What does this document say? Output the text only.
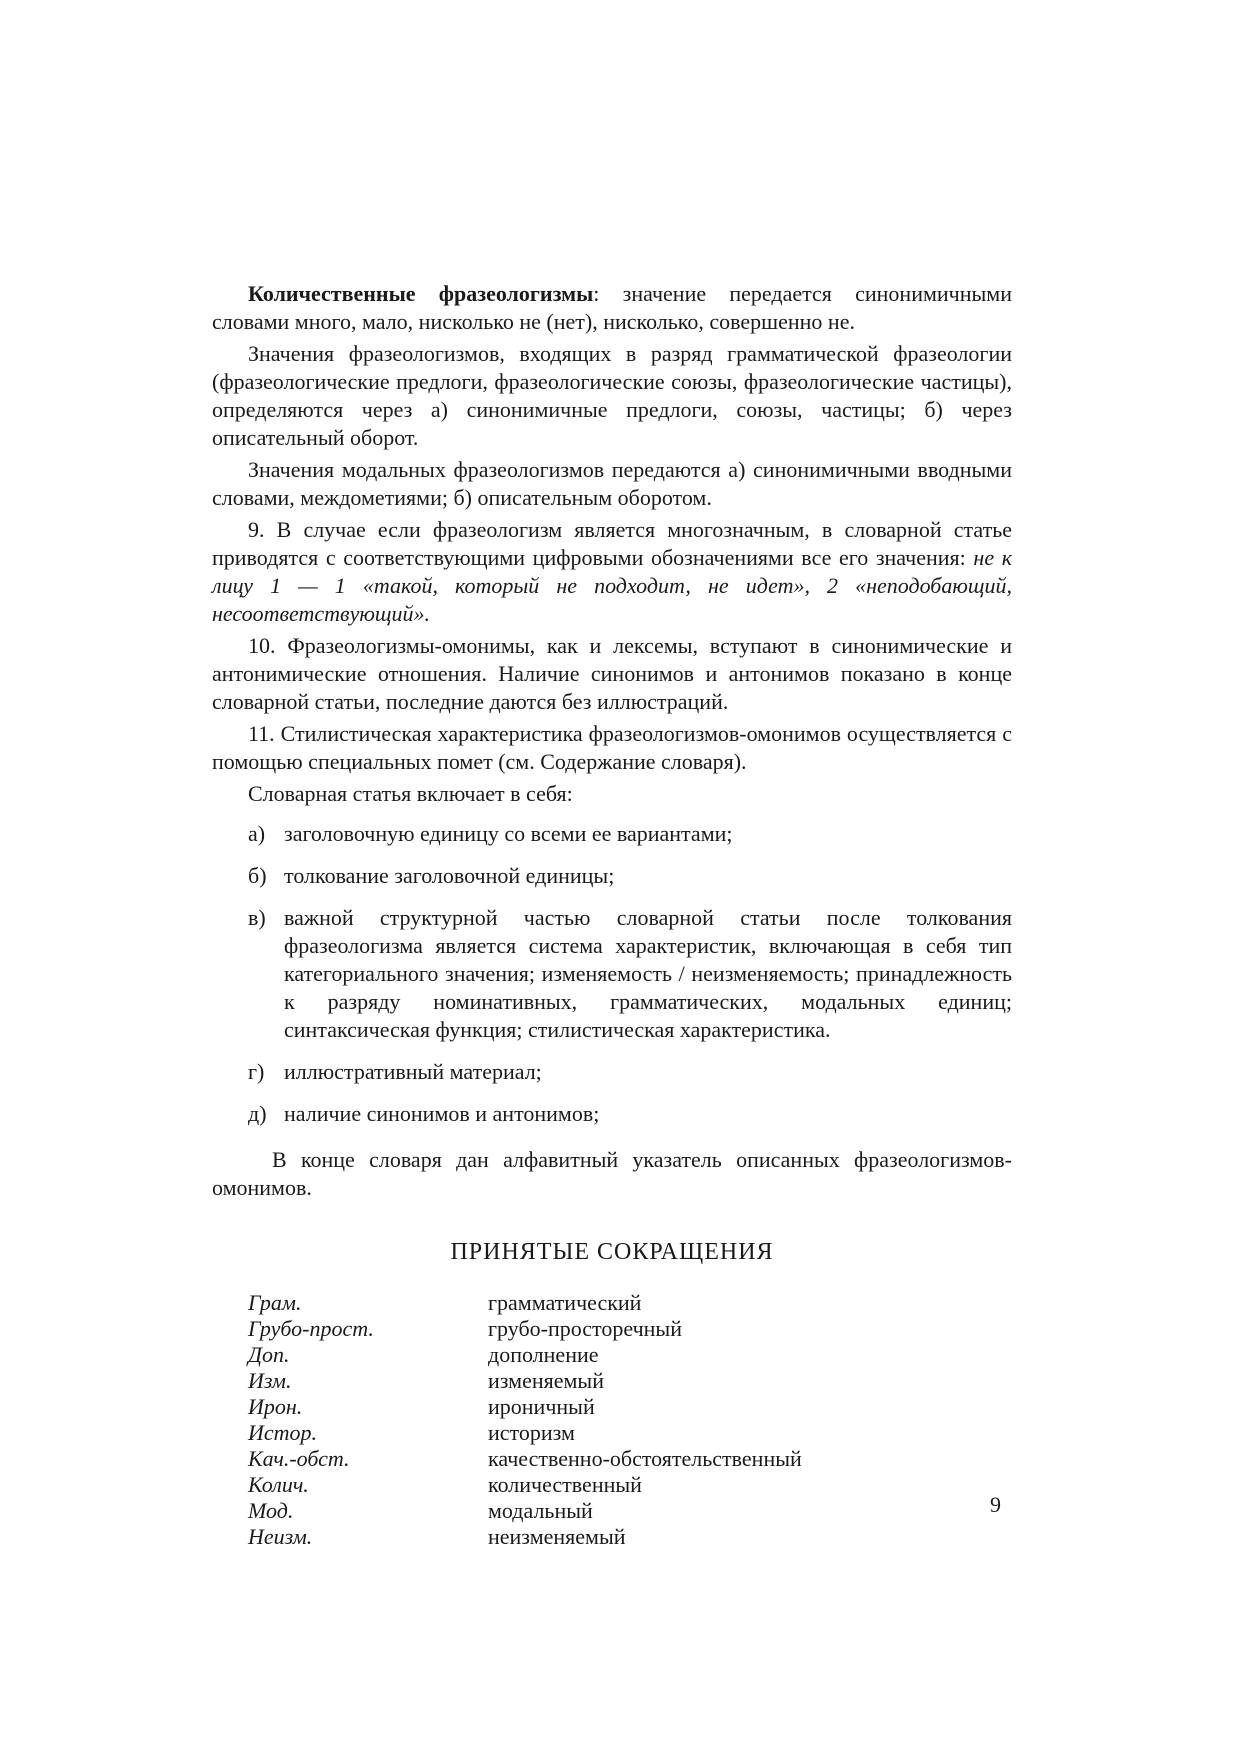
Количественные фразеологизмы: значение передается синонимичными словами много, мало, нисколько не (нет), нисколько, совершенно не.

Значения фразеологизмов, входящих в разряд грамматической фразеологии (фразеологические предлоги, фразеологические союзы, фразеологические частицы), определяются через а) синонимичные предлоги, союзы, частицы; б) через описательный оборот.

Значения модальных фразеологизмов передаются а) синонимичными вводными словами, междометиями; б) описательным оборотом.

9. В случае если фразеологизм является многозначным, в словарной статье приводятся с соответствующими цифровыми обозначениями все его значения: не к лицу 1 — 1 «такой, который не подходит, не идет», 2 «неподобающий, несоответствующий».

10. Фразеологизмы-омонимы, как и лексемы, вступают в синонимические и антонимические отношения. Наличие синонимов и антонимов показано в конце словарной статьи, последние даются без иллюстраций.

11. Стилистическая характеристика фразеологизмов-омонимов осуществляется с помощью специальных помет (см. Содержание словаря).

Словарная статья включает в себя:

а) заголовочную единицу со всеми ее вариантами;
б) толкование заголовочной единицы;
в) важной структурной частью словарной статьи после толкования фразеологизма является система характеристик, включающая в себя тип категориального значения; изменяемость / неизменяемость; принадлежность к разряду номинативных, грамматических, модальных единиц; синтаксическая функция; стилистическая характеристика.
г) иллюстративный материал;
д) наличие синонимов и антонимов;

В конце словаря дан алфавитный указатель описанных фразеологизмов-омонимов.

ПРИНЯТЫЕ СОКРАЩЕНИЯ
Грам.	грамматический
Грубо-прост.	грубо-просторечный
Доп.	дополнение
Изм.	изменяемый
Ирон.	ироничный
Истор.	историзм
Кач.-обст.	качественно-обстоятельственный
Колич.	количественный
Мод.	модальный
Неизм.	неизменяемый
9
